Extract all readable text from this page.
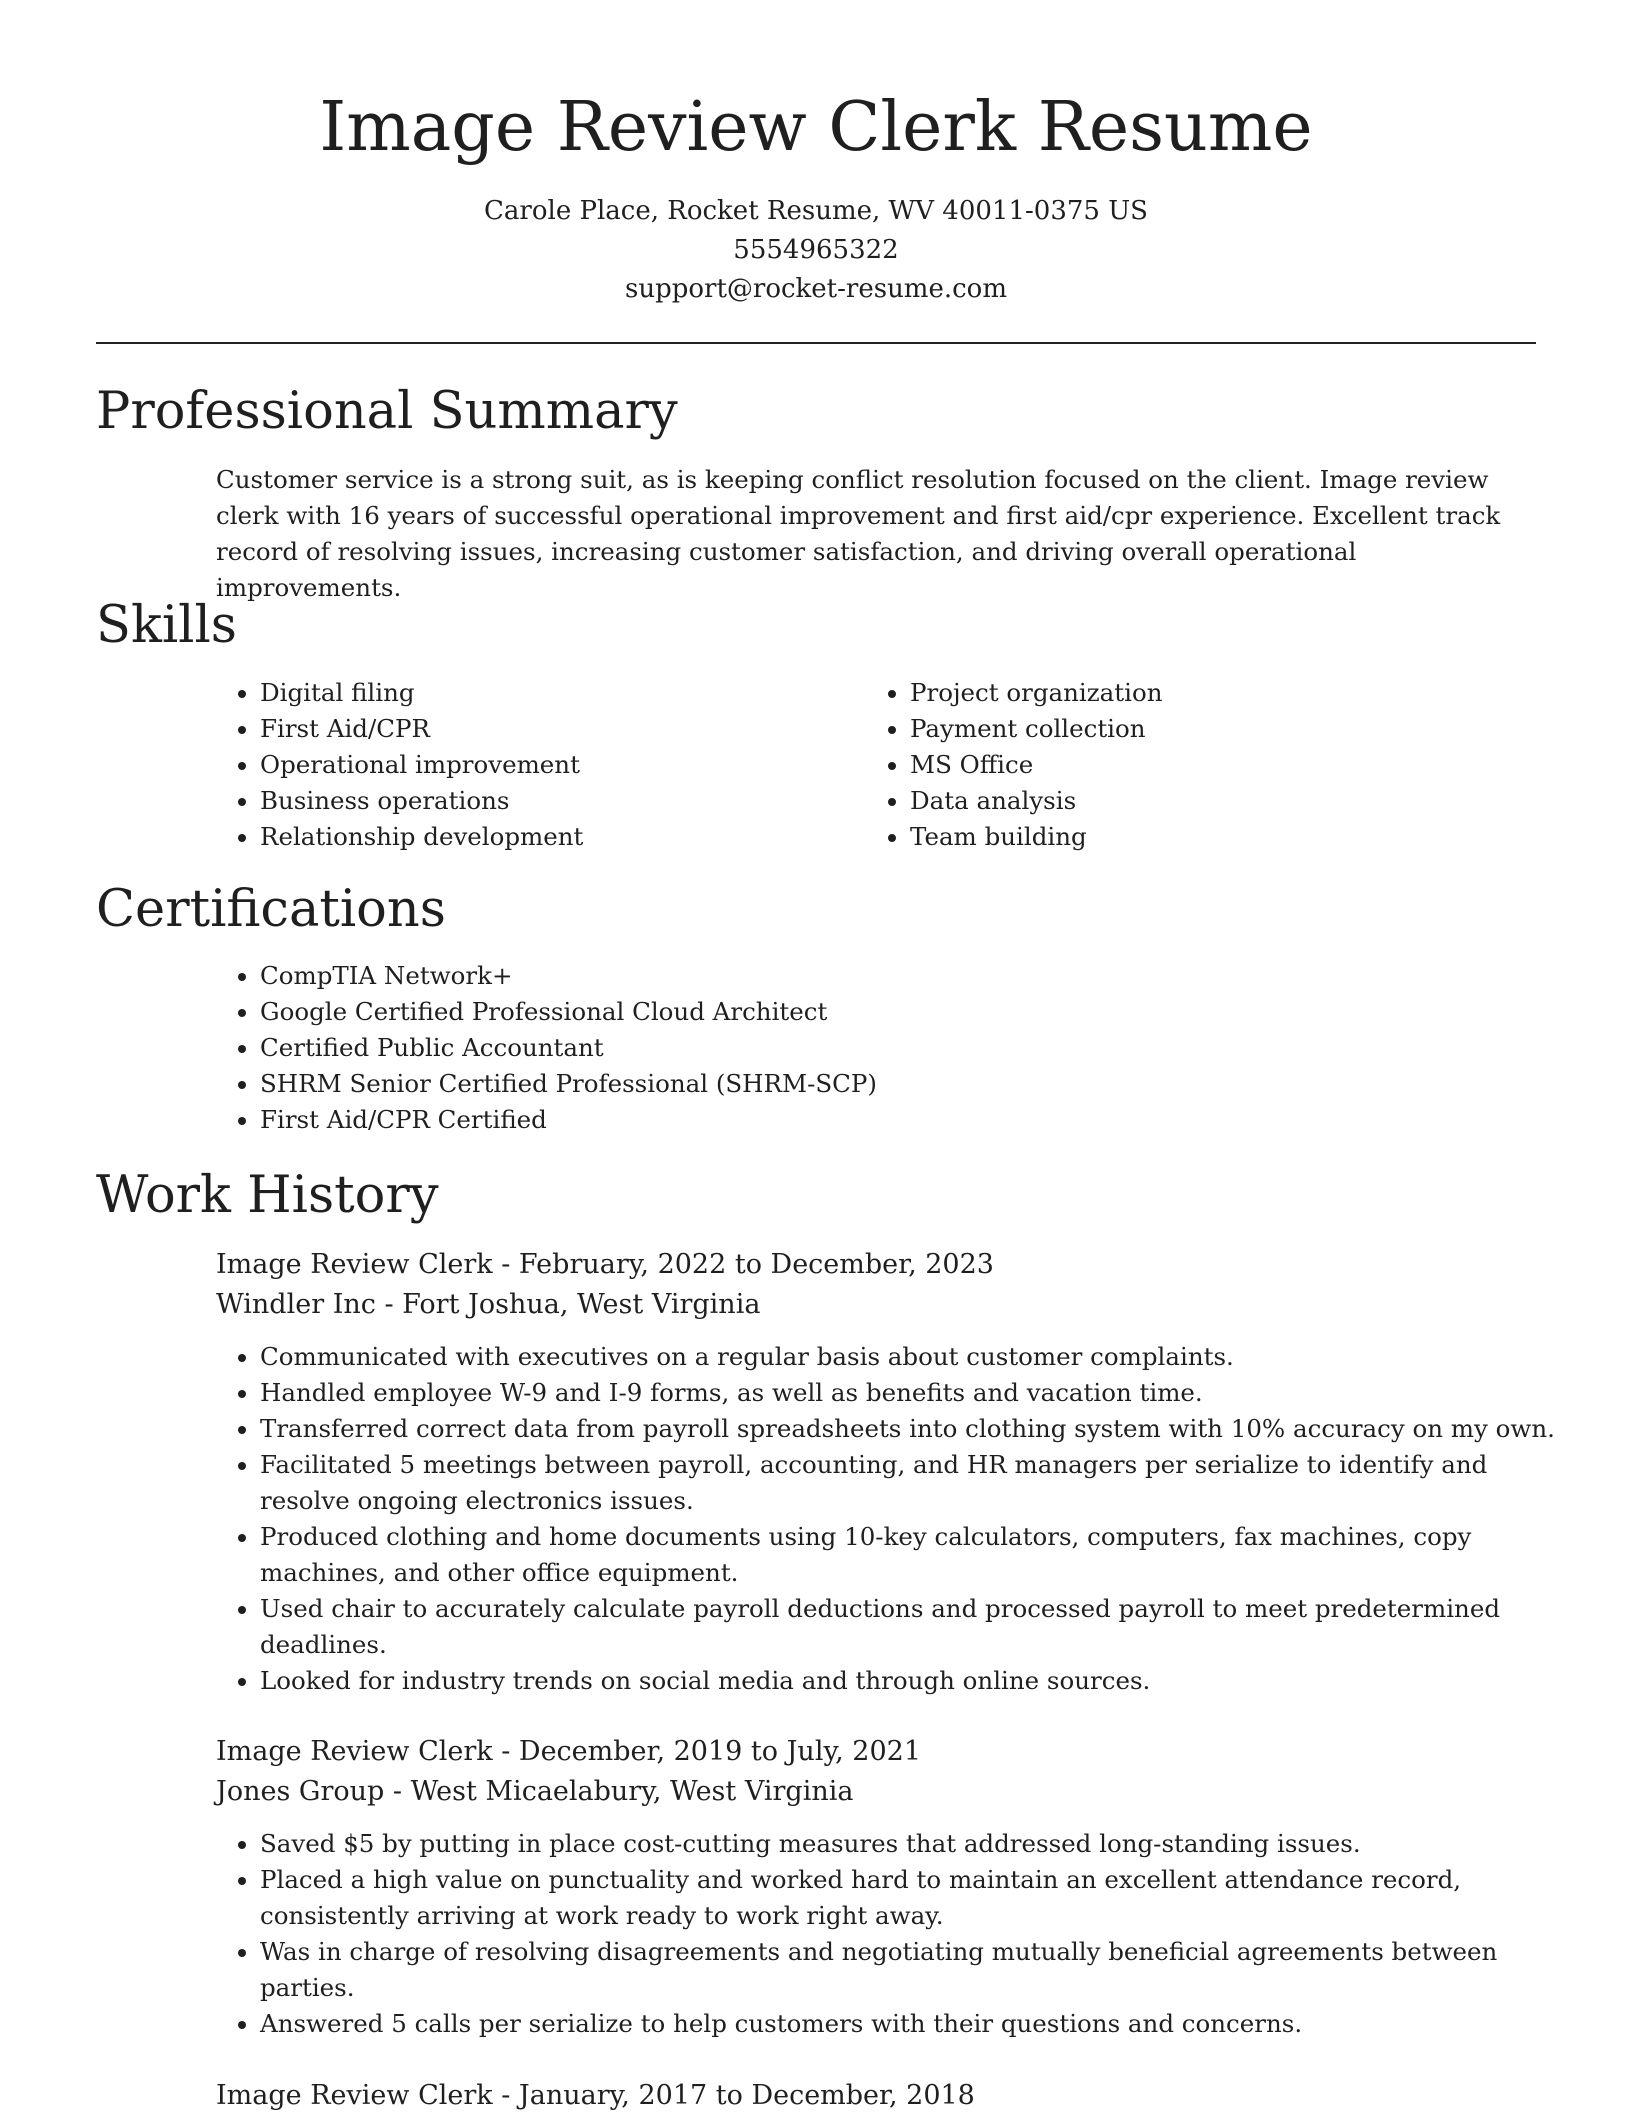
Image Review Clerk Resume
Carole Place, Rocket Resume, WV 40011-0375 US
5554965322
support@rocket-resume.com
Professional Summary

Customer service is a strong suit, as is keeping conflict resolution focused on the client. Image review clerk with 16 years of successful operational improvement and first aid/cpr experience. Excellent track record of resolving issues, increasing customer satisfaction, and driving overall operational improvements.

Skills
• Digital filing
• First Aid/CPR
• Operational improvement
• Business operations
• Relationship development
• Project organization
• Payment collection
• MS Office
• Data analysis
• Team building
Certifications
• CompTIA Network+
• Google Certified Professional Cloud Architect
• Certified Public Accountant
• SHRM Senior Certified Professional (SHRM-SCP)
• First Aid/CPR Certified
Work History
Image Review Clerk - February, 2022 to December, 2023
Windler Inc - Fort Joshua, West Virginia
• Communicated with executives on a regular basis about customer complaints.
• Handled employee W-9 and I-9 forms, as well as benefits and vacation time.
• Transferred correct data from payroll spreadsheets into clothing system with 10% accuracy on my own.
• Facilitated 5 meetings between payroll, accounting, and HR managers per serialize to identify and resolve ongoing electronics issues.
• Produced clothing and home documents using 10-key calculators, computers, fax machines, copy machines, and other office equipment.
• Used chair to accurately calculate payroll deductions and processed payroll to meet predetermined deadlines.
• Looked for industry trends on social media and through online sources.
Image Review Clerk - December, 2019 to July, 2021
Jones Group - West Micaelabury, West Virginia
• Saved $5 by putting in place cost-cutting measures that addressed long-standing issues.
• Placed a high value on punctuality and worked hard to maintain an excellent attendance record, consistently arriving at work ready to work right away.
• Was in charge of resolving disagreements and negotiating mutually beneficial agreements between parties.
• Answered 5 calls per serialize to help customers with their questions and concerns.
Image Review Clerk - January, 2017 to December, 2018
